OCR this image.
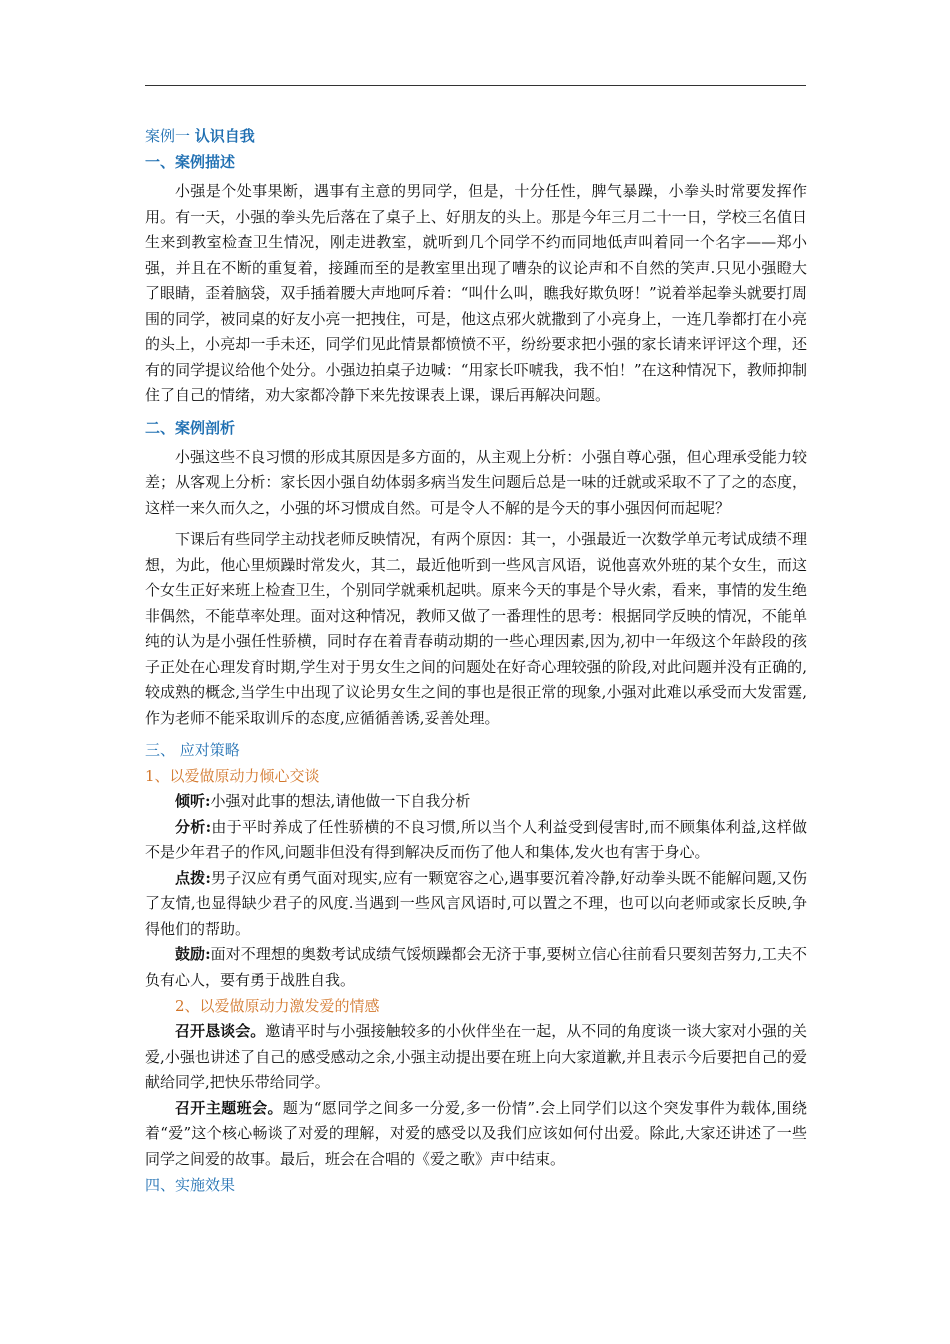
案例一 认识自我
一、案例描述

小强是个处事果断，遇事有主意的男同学，但是，十分任性，脾气暴躁，小拳头时常要发挥作用。有一天，小强的拳头先后落在了桌子上、好朋友的头上。那是今年三月二十一日，学校三名值日生来到教室检查卫生情况，刚走进教室，就听到几个同学不约而同地低声叫着同一个名字——郑小强，并且在不断的重复着，接踵而至的是教室里出现了嘈杂的议论声和不自然的笑声.只见小强瞪大了眼睛，歪着脑袋，双手插着腰大声地呵斥着：“叫什么叫，瞧我好欺负呀！”说着举起拳头就要打周围的同学，被同桌的好友小亮一把拽住，可是，他这点邪火就撒到了小亮身上，一连几拳都打在小亮的头上，小亮却一手未还，同学们见此情景都愤愤不平，纷纷要求把小强的家长请来评评这个理，还有的同学提议给他个处分。小强边拍桌子边喊：“用家长吓唬我，我不怕！”在这种情况下，教师抑制住了自己的情绪，劝大家都冷静下来先按课表上课，课后再解决问题。

二、案例剖析

小强这些不良习惯的形成其原因是多方面的，从主观上分析：小强自尊心强，但心理承受能力较差；从客观上分析：家长因小强自幼体弱多病当发生问题后总是一味的迁就或采取不了了之的态度，这样一来久而久之，小强的坏习惯成自然。可是令人不解的是今天的事小强因何而起呢？

下课后有些同学主动找老师反映情况，有两个原因：其一，小强最近一次数学单元考试成绩不理想，为此，他心里烦躁时常发火，其二，最近他听到一些风言风语，说他喜欢外班的某个女生，而这个女生正好来班上检查卫生，个别同学就乘机起哄。原来今天的事是个导火索，看来，事情的发生绝非偶然，不能草率处理。面对这种情况，教师又做了一番理性的思考：根据同学反映的情况，不能单纯的认为是小强任性骄横，同时存在着青春萌动期的一些心理因素,因为,初中一年级这个年龄段的孩子正处在心理发育时期,学生对于男女生之间的问题处在好奇心理较强的阶段,对此问题并没有正确的,较成熟的概念,当学生中出现了议论男女生之间的事也是很正常的现象,小强对此难以承受而大发雷霆,作为老师不能采取训斥的态度,应循循善诱,妥善处理。

三、 应对策略
1、以爱做原动力倾心交谈

倾听:小强对此事的想法,请他做一下自我分析

分析:由于平时养成了任性骄横的不良习惯,所以当个人利益受到侵害时,而不顾集体利益,这样做不是少年君子的作风,问题非但没有得到解决反而伤了他人和集体,发火也有害于身心。

点拨:男子汉应有勇气面对现实,应有一颗宽容之心,遇事要沉着冷静,好动拳头既不能解问题,又伤了友情,也显得缺少君子的风度.当遇到一些风言风语时,可以置之不理，也可以向老师或家长反映,争得他们的帮助。

鼓励:面对不理想的奥数考试成绩气馁烦躁都会无济于事,要树立信心往前看只要刻苦努力,工夫不负有心人，要有勇于战胜自我。

2、以爱做原动力激发爱的情感

召开恳谈会。邀请平时与小强接触较多的小伙伴坐在一起，从不同的角度谈一谈大家对小强的关爱,小强也讲述了自己的感受感动之余,小强主动提出要在班上向大家道歉,并且表示今后要把自己的爱献给同学,把快乐带给同学。

召开主题班会。题为“愿同学之间多一分爱,多一份情”.会上同学们以这个突发事件为载体,围绕着“爱”这个核心畅谈了对爱的理解，对爱的感受以及我们应该如何付出爱。除此,大家还讲述了一些同学之间爱的故事。最后，班会在合唱的《爱之歌》声中结束。

四、实施效果
